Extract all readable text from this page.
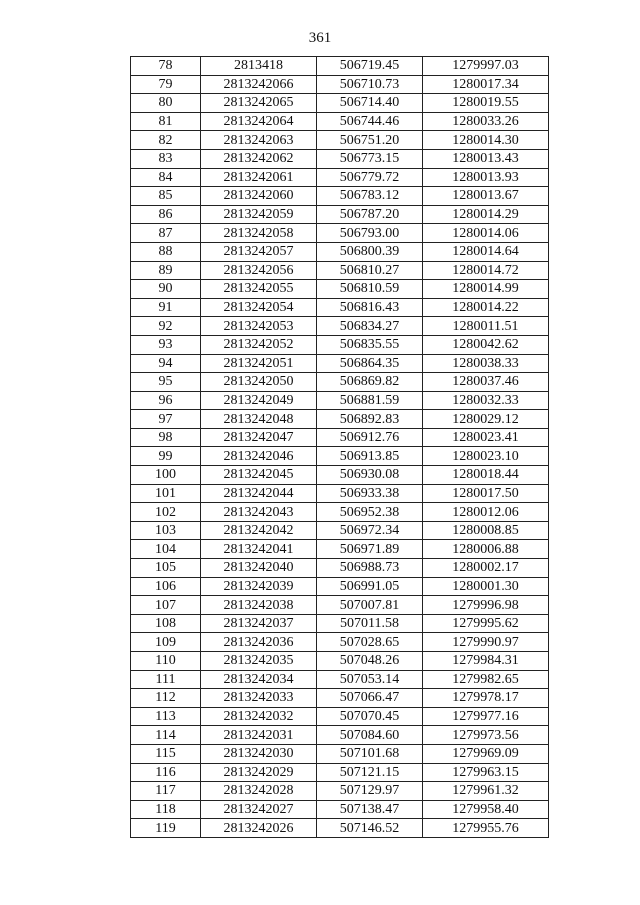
361
78	2813418	506719.45	1279997.03
79	2813242066	506710.73	1280017.34
80	2813242065	506714.40	1280019.55
81	2813242064	506744.46	1280033.26
82	2813242063	506751.20	1280014.30
83	2813242062	506773.15	1280013.43
84	2813242061	506779.72	1280013.93
85	2813242060	506783.12	1280013.67
86	2813242059	506787.20	1280014.29
87	2813242058	506793.00	1280014.06
88	2813242057	506800.39	1280014.64
89	2813242056	506810.27	1280014.72
90	2813242055	506810.59	1280014.99
91	2813242054	506816.43	1280014.22
92	2813242053	506834.27	1280011.51
93	2813242052	506835.55	1280042.62
94	2813242051	506864.35	1280038.33
95	2813242050	506869.82	1280037.46
96	2813242049	506881.59	1280032.33
97	2813242048	506892.83	1280029.12
98	2813242047	506912.76	1280023.41
99	2813242046	506913.85	1280023.10
100	2813242045	506930.08	1280018.44
101	2813242044	506933.38	1280017.50
102	2813242043	506952.38	1280012.06
103	2813242042	506972.34	1280008.85
104	2813242041	506971.89	1280006.88
105	2813242040	506988.73	1280002.17
106	2813242039	506991.05	1280001.30
107	2813242038	507007.81	1279996.98
108	2813242037	507011.58	1279995.62
109	2813242036	507028.65	1279990.97
110	2813242035	507048.26	1279984.31
111	2813242034	507053.14	1279982.65
112	2813242033	507066.47	1279978.17
113	2813242032	507070.45	1279977.16
114	2813242031	507084.60	1279973.56
115	2813242030	507101.68	1279969.09
116	2813242029	507121.15	1279963.15
117	2813242028	507129.97	1279961.32
118	2813242027	507138.47	1279958.40
119	2813242026	507146.52	1279955.76
